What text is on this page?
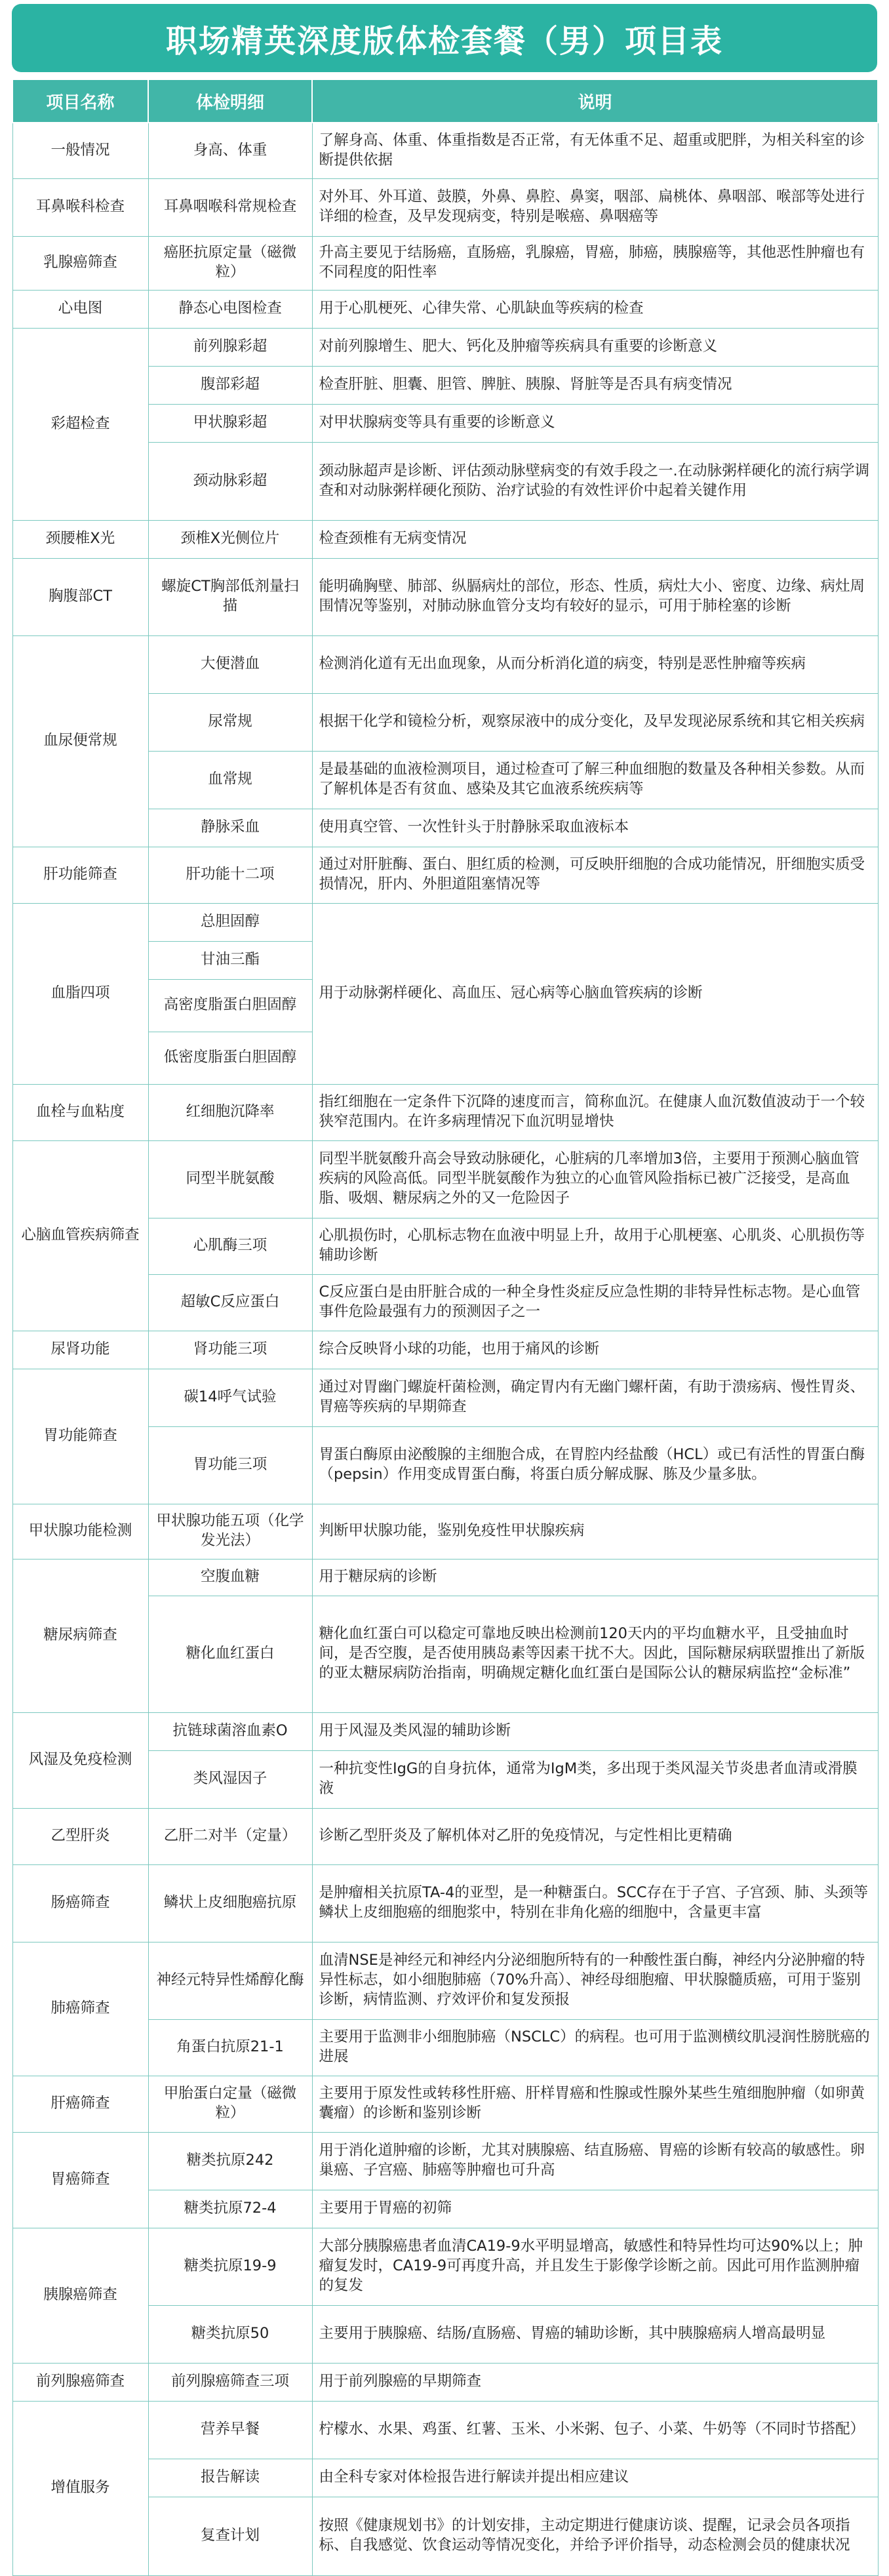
职场精英深度版体检套餐（男）项目表
项目名称	体检明细	说明
一般情况	身高、体重	了解身高、体重、体重指数是否正常，有无体重不足、超重或肥胖，为相关科室的诊断提供依据
耳鼻喉科检查	耳鼻咽喉科常规检查	对外耳、外耳道、鼓膜，外鼻、鼻腔、鼻窦，咽部、扁桃体、鼻咽部、喉部等处进行详细的检查，及早发现病变，特别是喉癌、鼻咽癌等
乳腺癌筛查	癌胚抗原定量（磁微粒）	升高主要见于结肠癌，直肠癌，乳腺癌，胃癌，肺癌，胰腺癌等，其他恶性肿瘤也有不同程度的阳性率
心电图	静态心电图检查	用于心肌梗死、心律失常、心肌缺血等疾病的检查
彩超检查	前列腺彩超	对前列腺增生、肥大、钙化及肿瘤等疾病具有重要的诊断意义
	腹部彩超	检查肝脏、胆囊、胆管、脾脏、胰腺、肾脏等是否具有病变情况
	甲状腺彩超	对甲状腺病变等具有重要的诊断意义
	颈动脉彩超	颈动脉超声是诊断、评估颈动脉壁病变的有效手段之一.在动脉粥样硬化的流行病学调查和对动脉粥样硬化预防、治疗试验的有效性评价中起着关键作用
颈腰椎X光	颈椎X光侧位片	检查颈椎有无病变情况
胸腹部CT	螺旋CT胸部低剂量扫描	能明确胸壁、肺部、纵膈病灶的部位，形态、性质，病灶大小、密度、边缘、病灶周围情况等鉴别，对肺动脉血管分支均有较好的显示，可用于肺栓塞的诊断
血尿便常规	大便潜血	检测消化道有无出血现象，从而分析消化道的病变，特别是恶性肿瘤等疾病
	尿常规	根据干化学和镜检分析，观察尿液中的成分变化，及早发现泌尿系统和其它相关疾病
	血常规	是最基础的血液检测项目，通过检查可了解三种血细胞的数量及各种相关参数。从而了解机体是否有贫血、感染及其它血液系统疾病等
	静脉采血	使用真空管、一次性针头于肘静脉采取血液标本
肝功能筛查	肝功能十二项	通过对肝脏酶、蛋白、胆红质的检测，可反映肝细胞的合成功能情况，肝细胞实质受损情况，肝内、外胆道阻塞情况等
血脂四项	总胆固醇	用于动脉粥样硬化、高血压、冠心病等心脑血管疾病的诊断
	甘油三酯	
	高密度脂蛋白胆固醇	
	低密度脂蛋白胆固醇	
血栓与血粘度	红细胞沉降率	指红细胞在一定条件下沉降的速度而言，简称血沉。在健康人血沉数值波动于一个较狭窄范围内。在许多病理情况下血沉明显增快
心脑血管疾病筛查	同型半胱氨酸	同型半胱氨酸升高会导致动脉硬化，心脏病的几率增加3倍，主要用于预测心脑血管疾病的风险高低。同型半胱氨酸作为独立的心血管风险指标已被广泛接受，是高血脂、吸烟、糖尿病之外的又一危险因子
	心肌酶三项	心肌损伤时，心肌标志物在血液中明显上升，故用于心肌梗塞、心肌炎、心肌损伤等辅助诊断
	超敏C反应蛋白	C反应蛋白是由肝脏合成的一种全身性炎症反应急性期的非特异性标志物。是心血管事件危险最强有力的预测因子之一
尿肾功能	肾功能三项	综合反映肾小球的功能，也用于痛风的诊断
胃功能筛查	碳14呼气试验	通过对胃幽门螺旋杆菌检测，确定胃内有无幽门螺杆菌，有助于溃疡病、慢性胃炎、胃癌等疾病的早期筛查
	胃功能三项	胃蛋白酶原由泌酸腺的主细胞合成，在胃腔内经盐酸（HCL）或已有活性的胃蛋白酶（pepsin）作用变成胃蛋白酶，将蛋白质分解成脲、胨及少量多肽。
甲状腺功能检测	甲状腺功能五项（化学发光法）	判断甲状腺功能，鉴别免疫性甲状腺疾病
糖尿病筛查	空腹血糖	用于糖尿病的诊断
	糖化血红蛋白	糖化血红蛋白可以稳定可靠地反映出检测前120天内的平均血糖水平，且受抽血时间，是否空腹，是否使用胰岛素等因素干扰不大。因此，国际糖尿病联盟推出了新版的亚太糖尿病防治指南，明确规定糖化血红蛋白是国际公认的糖尿病监控“金标准”
风湿及免疫检测	抗链球菌溶血素O	用于风湿及类风湿的辅助诊断
	类风湿因子	一种抗变性IgG的自身抗体，通常为IgM类，多出现于类风湿关节炎患者血清或滑膜液
乙型肝炎	乙肝二对半（定量）	诊断乙型肝炎及了解机体对乙肝的免疫情况，与定性相比更精确
肠癌筛查	鳞状上皮细胞癌抗原	是肿瘤相关抗原TA-4的亚型，是一种糖蛋白。SCC存在于子宫、子宫颈、肺、头颈等鳞状上皮细胞癌的细胞浆中，特别在非角化癌的细胞中，含量更丰富
肺癌筛查	神经元特异性烯醇化酶	血清NSE是神经元和神经内分泌细胞所特有的一种酸性蛋白酶，神经内分泌肿瘤的特异性标志，如小细胞肺癌（70%升高）、神经母细胞瘤、甲状腺髓质癌，可用于鉴别诊断，病情监测、疗效评价和复发预报
	角蛋白抗原21-1	主要用于监测非小细胞肺癌（NSCLC）的病程。也可用于监测横纹肌浸润性膀胱癌的进展
肝癌筛查	甲胎蛋白定量（磁微粒）	主要用于原发性或转移性肝癌、肝样胃癌和性腺或性腺外某些生殖细胞肿瘤（如卵黄囊瘤）的诊断和鉴别诊断
胃癌筛查	糖类抗原242	用于消化道肿瘤的诊断，尤其对胰腺癌、结直肠癌、胃癌的诊断有较高的敏感性。卵巢癌、子宫癌、肺癌等肿瘤也可升高
	糖类抗原72-4	主要用于胃癌的初筛
胰腺癌筛查	糖类抗原19-9	大部分胰腺癌患者血清CA19-9水平明显增高，敏感性和特异性均可达90%以上；肿瘤复发时，CA19-9可再度升高，并且发生于影像学诊断之前。因此可用作监测肿瘤的复发
	糖类抗原50	主要用于胰腺癌、结肠/直肠癌、胃癌的辅助诊断，其中胰腺癌病人增高最明显
前列腺癌筛查	前列腺癌筛查三项	用于前列腺癌的早期筛查
增值服务	营养早餐	柠檬水、水果、鸡蛋、红薯、玉米、小米粥、包子、小菜、牛奶等（不同时节搭配）
	报告解读	由全科专家对体检报告进行解读并提出相应建议
	复查计划	按照《健康规划书》的计划安排，主动定期进行健康访谈、提醒，记录会员各项指标、自我感觉、饮食运动等情况变化，并给予评价指导，动态检测会员的健康状况
